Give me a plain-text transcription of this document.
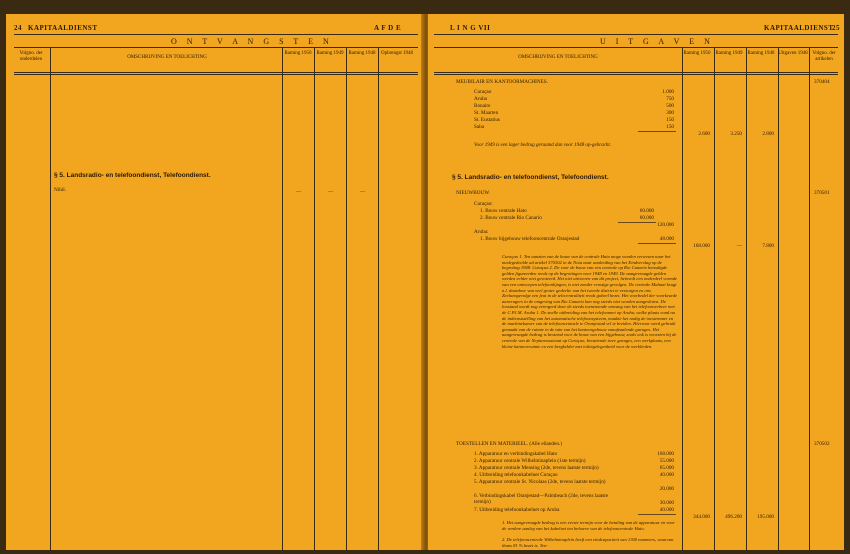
24 KAPITAALDIENST	A F D E
O N T V A N G S T E N
Volgno. der onderdelen	OMSCHRIJVING EN TOELICHTING
Raming 1950 Raming 1949 Raming 1948	Opbrengst 1948
§ 5. Landsradio- en telefoondienst, Telefoondienst.
Nihil.	—	—	—
L I N G VII	KAPITAALDIENST
25
U I T G A V E N
OMSCHRIJVING EN TOELICHTING
Raming 1950 Raming 1949 Raming 1948 Uitgaven 1948 Volgno. der artikelen
MEUBILAIR EN KANTOORMACHINES.	370404
Curaçao	1.000
Aruba	750
Bonaire	500
St. Maarten	300
St. Eustatius	150
Saba	150
2.600	3.250	2.800
Voor 1949 is een lager bedrag geraamd dan voor 1948 op-gebracht.
§ 5. Landsradio- en telefoondienst, Telefoondienst.
NIEUWBOUW.	370501
Curaçao:
1. Bouw centrale Hato	60.000
2. Bouw centrale Rio Canario	60.000
120.000
Aruba:
1. Bouw bijgebouw telefooncentrale Oranjestad	48.000
168.000	—	7.800
Curaçao 1. Ten aanzien van de bouw van de centrale Hato moge worden verwezen naar het medegedeelde ad artikel 370302 in de Nota naar aanleiding van het Eindverslag op de begroting 1948. Curaçao 2. De voor de bouw van een centrale op Rio Canario benodigde gelden figureerden reeds op de begrotingen voor 1948 en 1949. De aangevraagde gelden werden echter niet gevoteerd. Het niet uitvoeren van dit project, heinvolt een onderdeel vormde van een ontworpen telefoonlijngen, is niet zonder ernstige gevolgen. De centrale Mahaai krugt n.l. daardoor van veel groter gedeelte van het tweede district te verzorgen en ons Zeeluengevolge een feat in de telecentraliteit reeds goheel bezet. Het voorbedel der voorkeurde aanvragers in de omgeving van Rio Canario kan nog steeds niet worden aangesloten. De loostand wordt nog verergerd door de steeds toenemende omvang van het telefoonverkeer met de C.P.I.M. Aruba 1. De snelle uitbreiding van het telefoonnet op Aruba, welke plaats vond na de indienststelling van het automatische telefoonsysteem, maakte het nodig de toestemmer en de machinekamer van de telefooncentrale te Oranjestad vrl te breiden. Hiervoor werd gebruik gemaakt van de ruimte in de tuin van het kantoorgebouw vanafzaalende garages. Het aangevraagde bedrag is bestemd voor de bouw van een bijgebouw, zoals ook is voorzien bij de centrale van de Nepturnusstraat op Curaçao, bevattende twee garages, een werkplaats, een kleine kantoorruimte en een bergkelder met toiletgelegenheid voor de werklieden.
TOESTELLEN EN MATERIEEL. (Alle eilanden.)	370502
1. Apparatuur en verbindingskabel Hato	168.000
2. Apparatuur centrale Wilhelminaplein (1ste termijn)	55.000
3. Apparatuur centrale Mensing (2de, tevens laatste termijn)	65.000
4. Uitbreiding telefoonkabelnet Curaçao	40.000
5. Apparatuur centrale St. Nicolaas (2de, tevens laatste termijn)
20.000
6. Verbindingskabel Oranjestad—Palmbeach (2de, tevens laatste termijn)	30.000
7. Uitbreiding telefoonkabelnet op Aruba	40.000
344.000	496.200	195.000
1. Het aangevraagde bedrag is een eerste termijn voor de betaling van de apparatuur en voor de verdere aanleg van het kabelnet ten behoeve van de telefooncentrale Hato.
2. De telefooncentrale Wilhelminaplein heeft een eindcapaciteit van 1300 nummers, waarvan thans 81 % bezet is. Ten-
